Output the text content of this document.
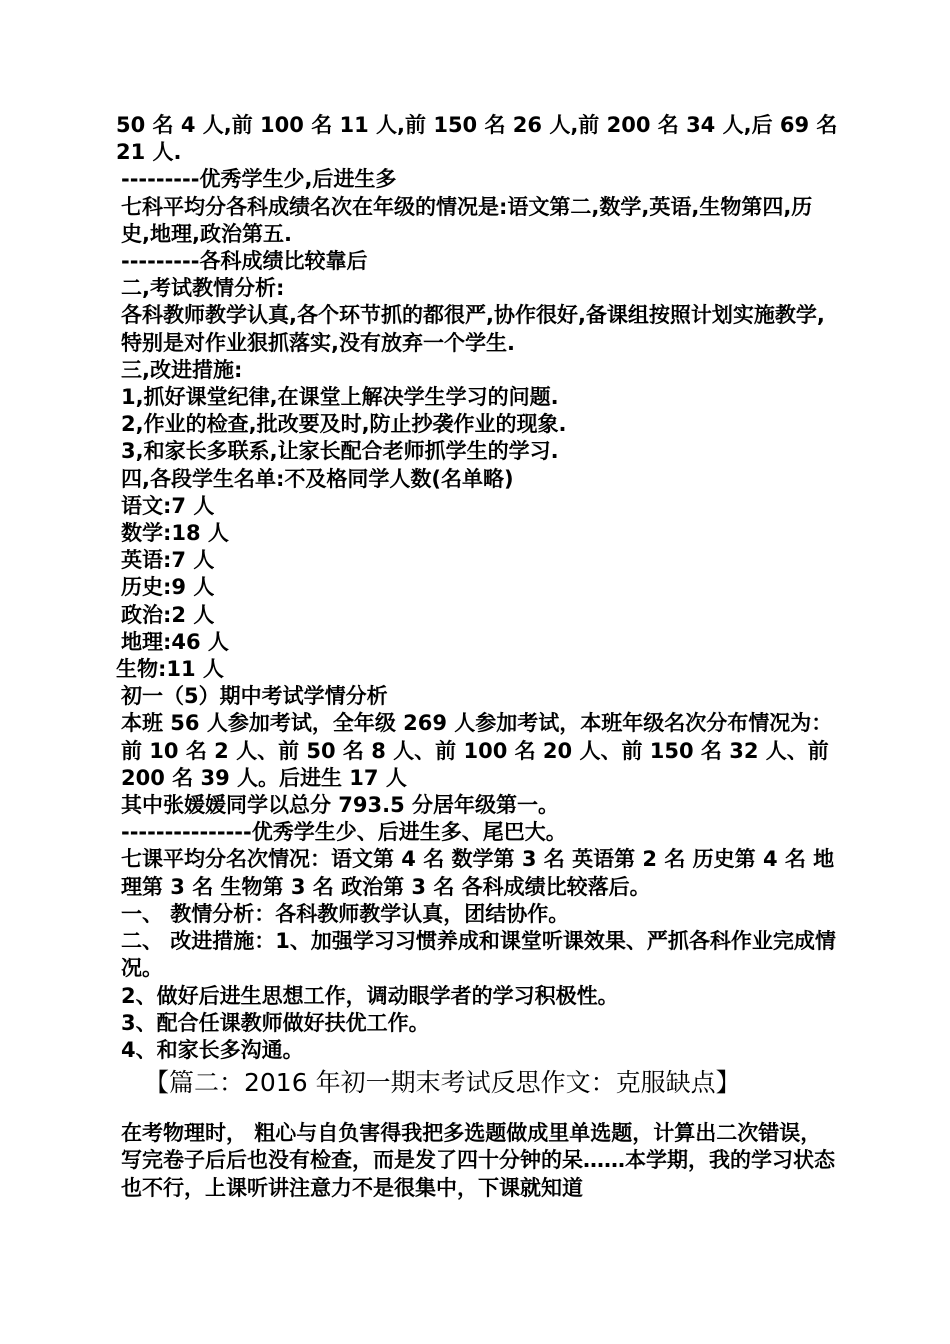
50 名 4 人,前 100 名 11 人,前 150 名 26 人,前 200 名 34 人,后 69 名 21 人.

---------优秀学生少,后进生多

七科平均分各科成绩名次在年级的情况是:语文第二,数学,英语,生物第四,历史,地理,政治第五.

---------各科成绩比较靠后

二,考试教情分析:

各科教师教学认真,各个环节抓的都很严,协作很好,备课组按照计划实施教学,特别是对作业狠抓落实,没有放弃一个学生.

三,改进措施:

1,抓好课堂纪律,在课堂上解决学生学习的问题.

2,作业的检查,批改要及时,防止抄袭作业的现象.

3,和家长多联系,让家长配合老师抓学生的学习.

四,各段学生名单:不及格同学人数(名单略)

语文:7 人

数学:18 人

英语:7 人

历史:9 人

政治:2 人

地理:46 人

生物:11 人

初一（5）期中考试学情分析

本班 56 人参加考试，全年级 269 人参加考试，本班年级名次分布情况为：前 10 名 2 人、前 50 名 8 人、前 100 名 20 人、前 150 名 32 人、前 200 名 39 人。后进生 17 人

其中张媛媛同学以总分 793.5 分居年级第一。

---------------优秀学生少、后进生多、尾巴大。

七课平均分名次情况：语文第 4 名 数学第 3 名 英语第 2 名 历史第 4 名 地理第 3 名 生物第 3 名 政治第 3 名 各科成绩比较落后。

一、 教情分析：各科教师教学认真，团结协作。

二、 改进措施：1、加强学习习惯养成和课堂听课效果、严抓各科作业完成情况。

2、做好后进生思想工作，调动眼学者的学习积极性。

3、配合任课教师做好扶优工作。

4、和家长多沟通。

【篇二：2016 年初一期末考试反思作文：克服缺点】

在考物理时， 粗心与自负害得我把多选题做成里单选题，计算出二次错误，写完卷子后后也没有检查，而是发了四十分钟的呆……本学期，我的学习状态也不行，上课听讲注意力不是很集中，下课就知道
